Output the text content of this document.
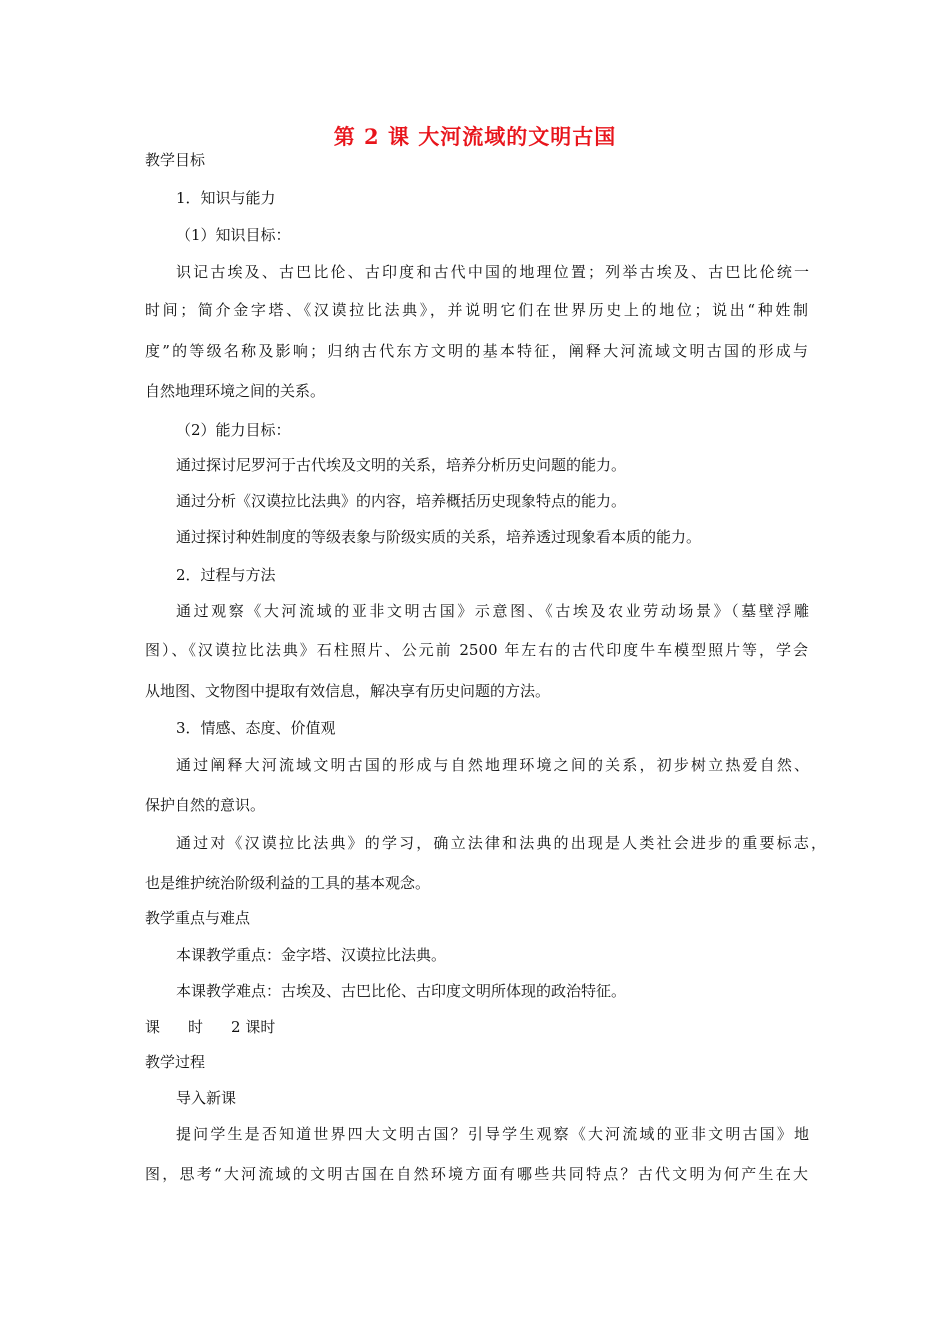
第 2 课 大河流域的文明古国
教学目标
1．知识与能力
（1）知识目标：
识记古埃及、古巴比伦、古印度和古代中国的地理位置；列举古埃及、古巴比伦统一
时间；简介金字塔、《汉谟拉比法典》，并说明它们在世界历史上的地位；说出“种姓制
度”的等级名称及影响；归纳古代东方文明的基本特征，阐释大河流域文明古国的形成与
自然地理环境之间的关系。
（2）能力目标：
通过探讨尼罗河于古代埃及文明的关系，培养分析历史问题的能力。
通过分析《汉谟拉比法典》的内容，培养概括历史现象特点的能力。
通过探讨种姓制度的等级表象与阶级实质的关系，培养透过现象看本质的能力。
2．过程与方法
通过观察《大河流域的亚非文明古国》示意图、《古埃及农业劳动场景》（墓壁浮雕
图）、《汉谟拉比法典》石柱照片、公元前 2500 年左右的古代印度牛车模型照片等，学会
从地图、文物图中提取有效信息，解决享有历史问题的方法。
3．情感、态度、价值观
通过阐释大河流域文明古国的形成与自然地理环境之间的关系，初步树立热爱自然、
保护自然的意识。
通过对《汉谟拉比法典》的学习，确立法律和法典的出现是人类社会进步的重要标志，
也是维护统治阶级利益的工具的基本观念。
教学重点与难点
本课教学重点：金字塔、汉谟拉比法典。
本课教学难点：古埃及、古巴比伦、古印度文明所体现的政治特征。
课 时 2 课时
教学过程
导入新课
提问学生是否知道世界四大文明古国？引导学生观察《大河流域的亚非文明古国》地
图，思考“大河流域的文明古国在自然环境方面有哪些共同特点？古代文明为何产生在大
